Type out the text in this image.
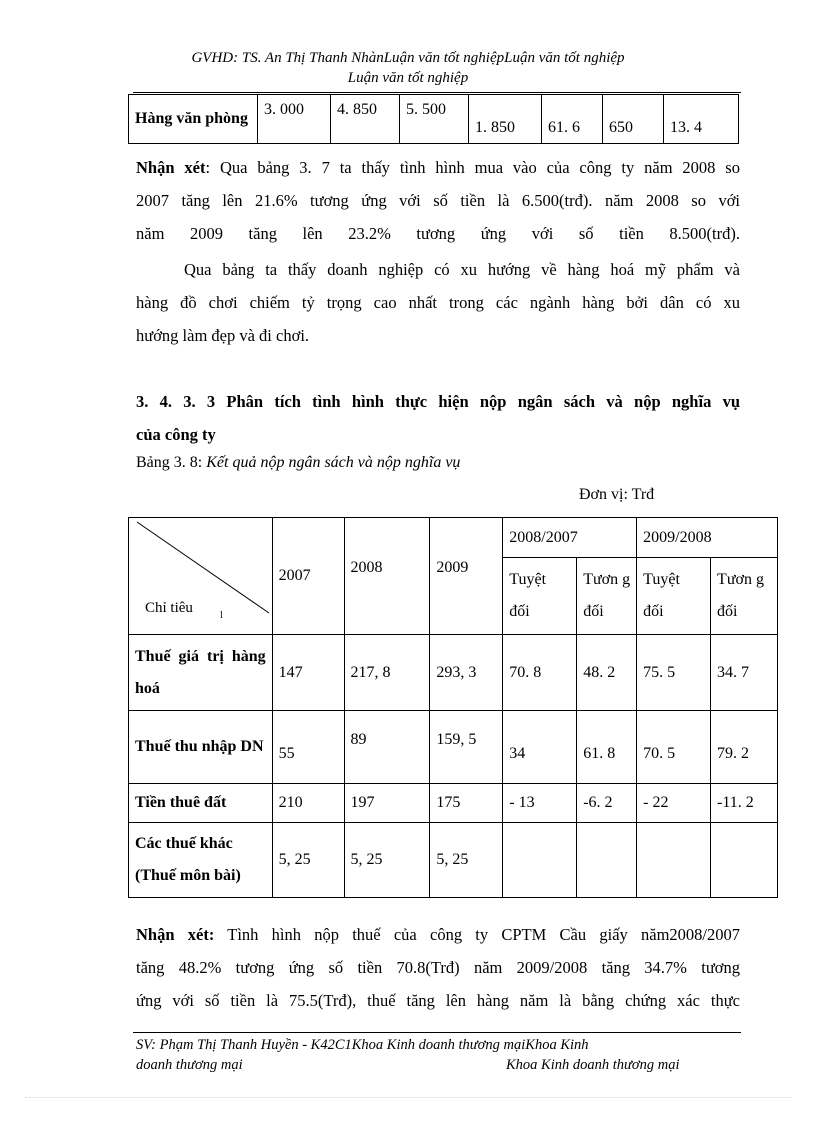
GVHD: TS. An Thị Thanh NhànLuận văn tốt nghiệpLuận văn tốt nghiệp
Luận văn tốt nghiệp
Hàng văn phòng	3. 000	4. 850	5. 500	1. 850	61. 6	650	13. 4
Nhận xét: Qua bảng 3. 7 ta thấy tình hình mua vào của công ty năm 2008 so
2007 tăng lên 21.6% tương ứng với số tiền là 6.500(trđ). năm 2008 so với
năm 2009 tăng lên 23.2% tương ứng với số tiền 8.500(trđ).
Qua bảng ta thấy doanh nghiệp có xu hướng về hàng hoá mỹ phẩm và
hàng đồ chơi chiếm tỷ trọng cao nhất trong các ngành hàng bởi dân có xu
hướng làm đẹp và đi chơi.
3. 4. 3. 3 Phân tích tình hình thực hiện nộp ngân sách và nộp nghĩa vụ
của công ty
Bảng 3. 8: Kết quả nộp ngân sách và nộp nghĩa vụ
Đơn vị: Trđ
Chỉ tiêu l	2007	2008	2009	2008/2007		2009/2008	
				Tuyệt đối	Tươn g đối	Tuyệt đối	Tươn g đối
Thuế giá trị hàng hoá	147	217, 8	293, 3	70. 8	48. 2	75. 5	34. 7
Thuế thu nhập DN	55	89	159, 5	34	61. 8	70. 5	79. 2
Tiền thuê đất	210	197	175	- 13	-6. 2	- 22	-11. 2
Các thuế khác (Thuế môn bài)	5, 25	5, 25	5, 25				
Nhận xét: Tình hình nộp thuế của công ty CPTM Cầu giấy năm2008/2007
tăng 48.2% tương ứng số tiền 70.8(Trđ) năm 2009/2008 tăng 34.7% tương
ứng với số tiền là 75.5(Trđ), thuế tăng lên hàng năm là bằng chứng xác thực
SV: Phạm Thị Thanh Huyền - K42C1Khoa Kinh doanh thương mạiKhoa Kinh
doanh thương mại	Khoa Kinh doanh thương mại
